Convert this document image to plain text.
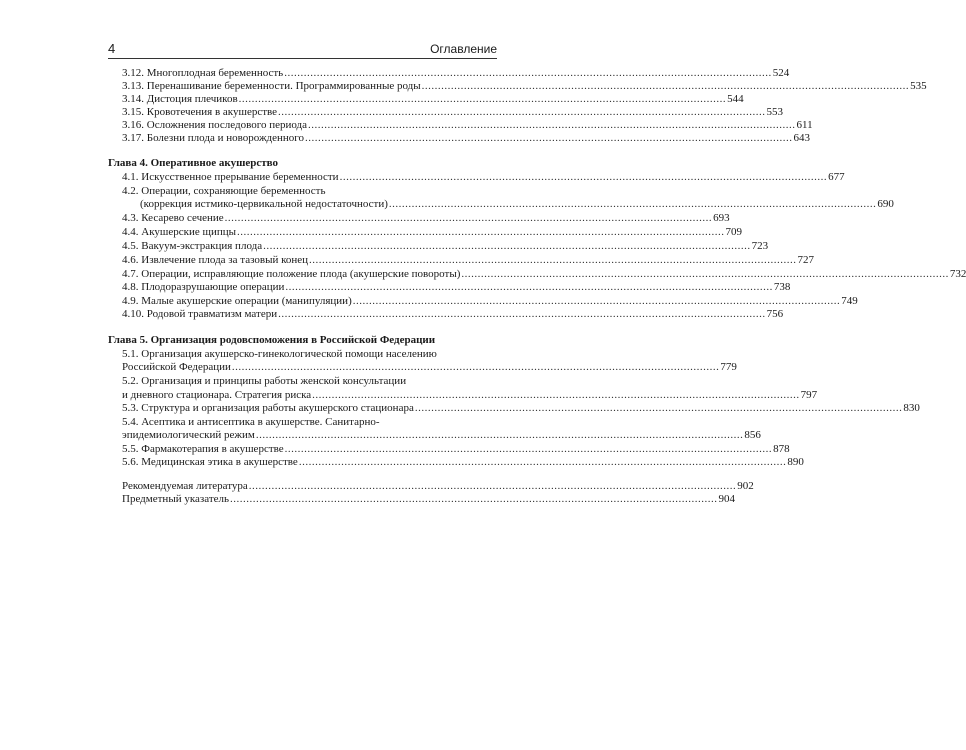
4	Оглавление
3.12. Многоплодная беременность ...................................................................................................................................................... 524
3.13. Перенашивание беременности. Программированные роды ...................................................................................................................................................... 535
3.14. Дистоция плечиков ...................................................................................................................................................... 544
3.15. Кровотечения в акушерстве ...................................................................................................................................................... 553
3.16. Осложнения последового периода ...................................................................................................................................................... 611
3.17. Болезни плода и новорожденного ...................................................................................................................................................... 643
Глава 4. Оперативное акушерство
4.1. Искусственное прерывание беременности ...................................................................................................................................................... 677
4.2. Операции, сохраняющие беременность
(коррекция истмико-цервикальной недостаточности) ...................................................................................................................................................... 690
4.3. Кесарево сечение ...................................................................................................................................................... 693
4.4. Акушерские щипцы ...................................................................................................................................................... 709
4.5. Вакуум-экстракция плода ...................................................................................................................................................... 723
4.6. Извлечение плода за тазовый конец ...................................................................................................................................................... 727
4.7. Операции, исправляющие положение плода (акушерские повороты) ...................................................................................................................................................... 732
4.8. Плодоразрушающие операции ...................................................................................................................................................... 738
4.9. Малые акушерские операции (манипуляции) ...................................................................................................................................................... 749
4.10. Родовой травматизм матери ...................................................................................................................................................... 756
Глава 5. Организация родовспоможения в Российской Федерации
5.1. Организация акушерско-гинекологической помощи населению
Российской Федерации ...................................................................................................................................................... 779
5.2. Организация и принципы работы женской консультации
и дневного стационара. Стратегия риска ...................................................................................................................................................... 797
5.3. Структура и организация работы акушерского стационара ...................................................................................................................................................... 830
5.4. Асептика и антисептика в акушерстве. Санитарно-
эпидемиологический режим ...................................................................................................................................................... 856
5.5. Фармакотерапия в акушерстве ...................................................................................................................................................... 878
5.6. Медицинская этика в акушерстве ...................................................................................................................................................... 890
Рекомендуемая литература ...................................................................................................................................................... 902
Предметный указатель ...................................................................................................................................................... 904
